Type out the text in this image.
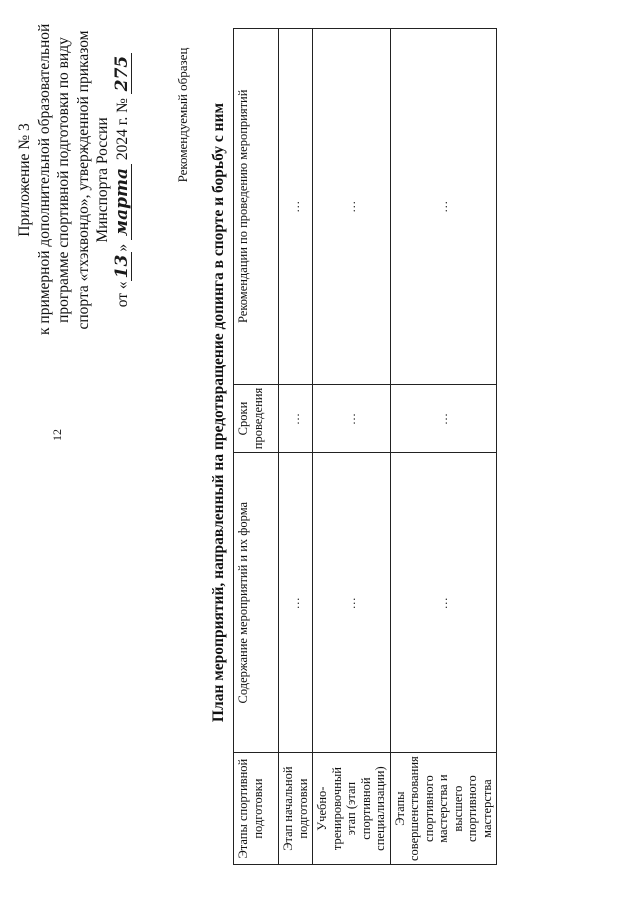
12
Приложение № 3 к примерной дополнительной образовательной программе спортивной подготовки по виду спорта «тхэквондо», утвержденной приказом Минспорта России
от «13» марта 2024 г. № 275	Рекомендуемый образец План мероприятий, направленный на предотвращение допинга в спорте и борьбу с ним
Этапы спортивной подготовки	Содержание мероприятий и их форма	Сроки проведения	Рекомендации по проведению мероприятий
Этап начальной подготовки	…	…	…
Учебно-тренировочный этап (этап спортивной специализации)	…	…	…
Этапы совершенствования спортивного мастерства и высшего спортивного мастерства	…	…	…
